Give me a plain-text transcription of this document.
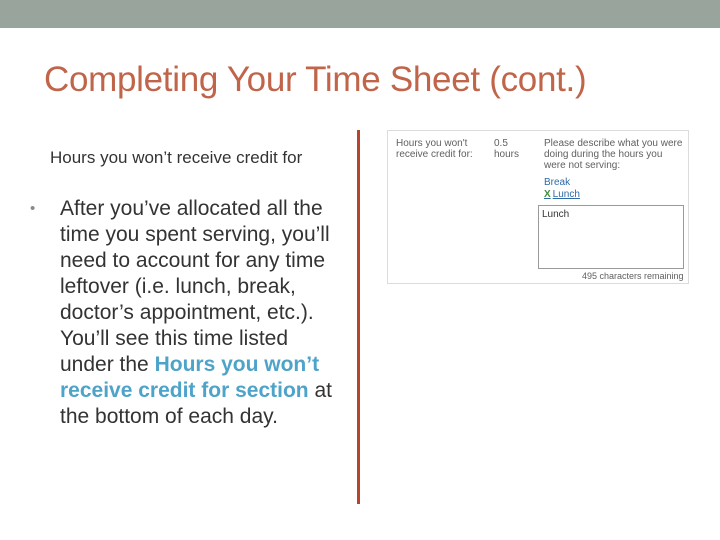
Completing Your Time Sheet (cont.)
Hours you won’t receive credit for
• After you’ve allocated all the time you spent serving, you’ll need to account for any time leftover (i.e. lunch, break, doctor’s appointment, etc.). You’ll see this time listed under the Hours you won’t receive credit for section at the bottom of each day.
Hours you won't receive credit for:
0.5 hours
Please describe what you were doing during the hours you were not serving:
Break
X Lunch
Lunch
495 characters remaining
